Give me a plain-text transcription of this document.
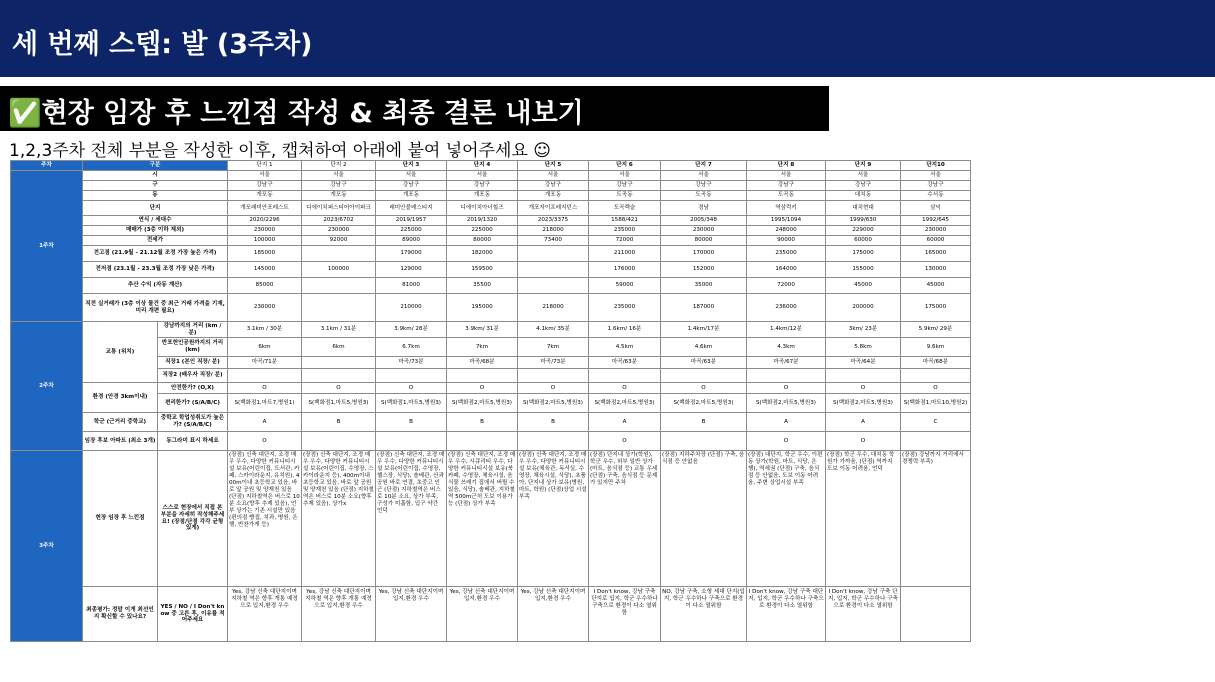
세 번째 스텝: 발 (3주차)
✅현장 임장 후 느낀점 작성 & 최종 결론 내보기
1,2,3주차 전체 부분을 작성한 이후, 캡쳐하여 아래에 붙여 넣어주세요 ☺
주차	구분		단지 1	단지 2	단지 3	단지 4	단지 5	단지 6	단지 7	단지 8	단지 9	단지10
1주차	시		서울	서울	서울	서울	서울	서울	서울	서울	서울	서울
	구		강남구	강남구	강남구	강남구	강남구	강남구	강남구	강남구	강남구	강남구
	동		개포동	개포동	개포동	개포동	개포동	도곡동	도곡동	도곡동	대치동	수서동
	단지		개포래미안포레스트	디에이치퍼스티어아이파크	래미안블레스티지	디에이치아너힐즈	개포자이프레지던스	도곡렉슬	경남	역삼럭키	대치현대	삼익
	연식 / 세대수		2020/2296	2023/6702	2019/1957	2019/1320	2023/3375	1588/421	2005/348	1995/1094	1999/630	1992/645
	매매가 (3층 이하 제외)		230000	230000	225000	225000	218000	235000	230000	248000	229000	230000
	전세가		100000	92000	89000	80000	73400	72000	80000	90000	60000	60000
	전고점 (21.9월 - 21.12월 조정 가장 높은 가격)		185000		179000	182000		211000	170000	235000	175000	165000
	전저점 (23.1월 - 23.3월 조정 가장 낮은 가격)		145000	100000	129000	159500		176000	152000	164000	155000	130000
	추산 수익 (자동 계산)		85000		81000	35500		59000	35000	72000	45000	45000
	직전 실거래가 (3층 이상 물건 중 최근 거래 가격을 기재, 미리 개편 필요)		230000		210000	195000	218000	235000	187000	236000	200000	175000
2주차	교통 (위치)	강남까지의 거리 (km / 분)	3.1km / 30분	3.1km / 31분	3.9km/ 28분	3.9km/ 31분	4.1km/ 35분	1.6km/ 16분	1.4km/17분	1.4km/12분	3km/ 23분	5.9km/ 29분
		반포헌인공원까지의 거리 (km)	6km	6km	6.7km	7km	7km	4.5km	4.6km	4.3km	5.8km	9.6km
		직장1 (본인 직장/ 분)	마곡/71분		마곡/73분	마곡/68분	마곡/73분	마곡/63분	마곡/63분	마곡/67분	마곡/64분	마곡/68분
		직장2 (배우자 직장/ 분)										
	환경 (안경 3km이내)	안전한가? (O,X)	O	O	O	O	O	O	O	O	O	O
		편리한가? (S/A/B/C)	S(백화점1,마트7,병원1)	S(백화점1,마트5,병원3)	S(백화점1,마트5,병원3)	S(백화점2,마트5,병원3)	S(백화점2,마트5,병원3)	S(백화점2,마트5,병원3)	S(백화점2,마트5,병원3)	S(백화점2,마트5,병원3)	S(백화점2,마트5,병원3)	S(백화점1,마트10,병원2)
	학군 (근거리 중학교)	중학교 학업성취도가 높은가? (S/A/B/C)	A	B	B	B	B	A	B	A	A	C
	임장 후보 아파트 (최소 3개)	동그라미 표시 하세요	O					O		O	O	
3주차	현장 임장 후 느낀점	스스로 현장에서 직접 본 부분을 자세히 작성해주세요! (장점/단점 각각 균형있게)	(장점) 신축 대단지, 조경 매우 우수, 다양한 커뮤니티시설 보유(어린이집, 도서관, 카페, 스카이라운지, 유치원), 400m이내 초등학교 있음, 바로 앞 공원 및 양재천 있음 (단점) 지하철역은 버스로 10분 소요(향후 추제 있음), 언부 상가는 기존 시설만 있음(편의점 빵집, 치과, 병원, 은행, 반찬가게 등)	(장점) 신축 대단지, 조경 매우 우수, 다양한 커뮤니티시설 보유(어린이집, 수영장, 스카이라운지 등), 400m이내 초등학교 있음, 바로 앞 공원 및 양재천 있음 (단점) 지하철역은 버스로 10분 소요(향후 추제 있음), 상가x	(장점) 신축 대단지, 조경 매우 우수, 다양한 커뮤니티시설 보유(어린이집, 수영장, 헬스장, 식당), 솔베관, 산과 공원 바로 연결, 초중고 인근 (단점) 지하철역은 버스로 10분 소요, 상가 부족, 구성가 미흡함, 입구 약간 언덕	(장점) 신축 대단지, 조경 매우 우수, 시큐리티 우수, 다양한 커뮤니티시설 보유(북카페, 수영장, 체육시설, 음식물 쓰레기 집에서 버릴 수 있음, 식당), 솔베관, 지하철 역 500m근처 도보 이용가능 (단점) 상가 부족	(장점) 신축 대단지, 조경 매우 우수, 다양한 커뮤니티시설 보유(체육관, 독서실, 수영장, 체육시설, 식당), 초품아, 단지내 상가 보유(병원, 마트, 학원) (단점)상업 시설 부족	(장점) 단지내 상가(학원), 학군 우수, 외부 일반 상가(마트, 음식점 등) 교통 우세 (단점) 구축, 음식점 등 문제가 있지만 주차	(장점) 지하주차장 (단점) 구축, 음식점 등 안없음	(장점) 대단지, 학군 우수, 이편동 상가(학원, 마트, 식당, 은행), 역세권 (단점) 구축, 음식점 등 안없음, 도보 이동 어려움, 주변 상업시설 부족	(장점) 학군 우수, 대치동 학원가 가까움, (단점) 역까지 도보 이동 어려움, 언덕	(장점) 강남까지 거리에서 경쟁력 부족)
	최종평가: 정말 이게 최선인지 확신할 수 있나요?	YES / NO / I Don't know 중 고른 후, 이유를 적어주세요	Yes, 강남 신축 대단지이며 지하철 역은 향후 개통 예정으로 입지,환경 우수	Yes, 강남 신축 대단지이며 지하철 역은 향후 개통 예정으로 입지,환경 우수	Yes, 강남 신축 대단지이며 입지,환경 우수	Yes, 강남 신축 대단지이며 입지,환경 우수	Yes, 강남 신축 대단지이며 입지,환경 우수	I Don't know, 강남 구축 단지로 입지, 학군 우수하나 구축으로 환경이 다소 열위함	NO, 강남 구축, 소형 세대 단지(입지, 학군 우수하나 구축으로 환경이 다소 열위함	I Don't know, 강남 구축 대단지, 입지, 학군 우수하나 구축으로 환경이 다소 열위함	I Don't know, 강남 구축 단지, 입지, 학군 우수하나 구축으로 환경이 다소 열위함	
